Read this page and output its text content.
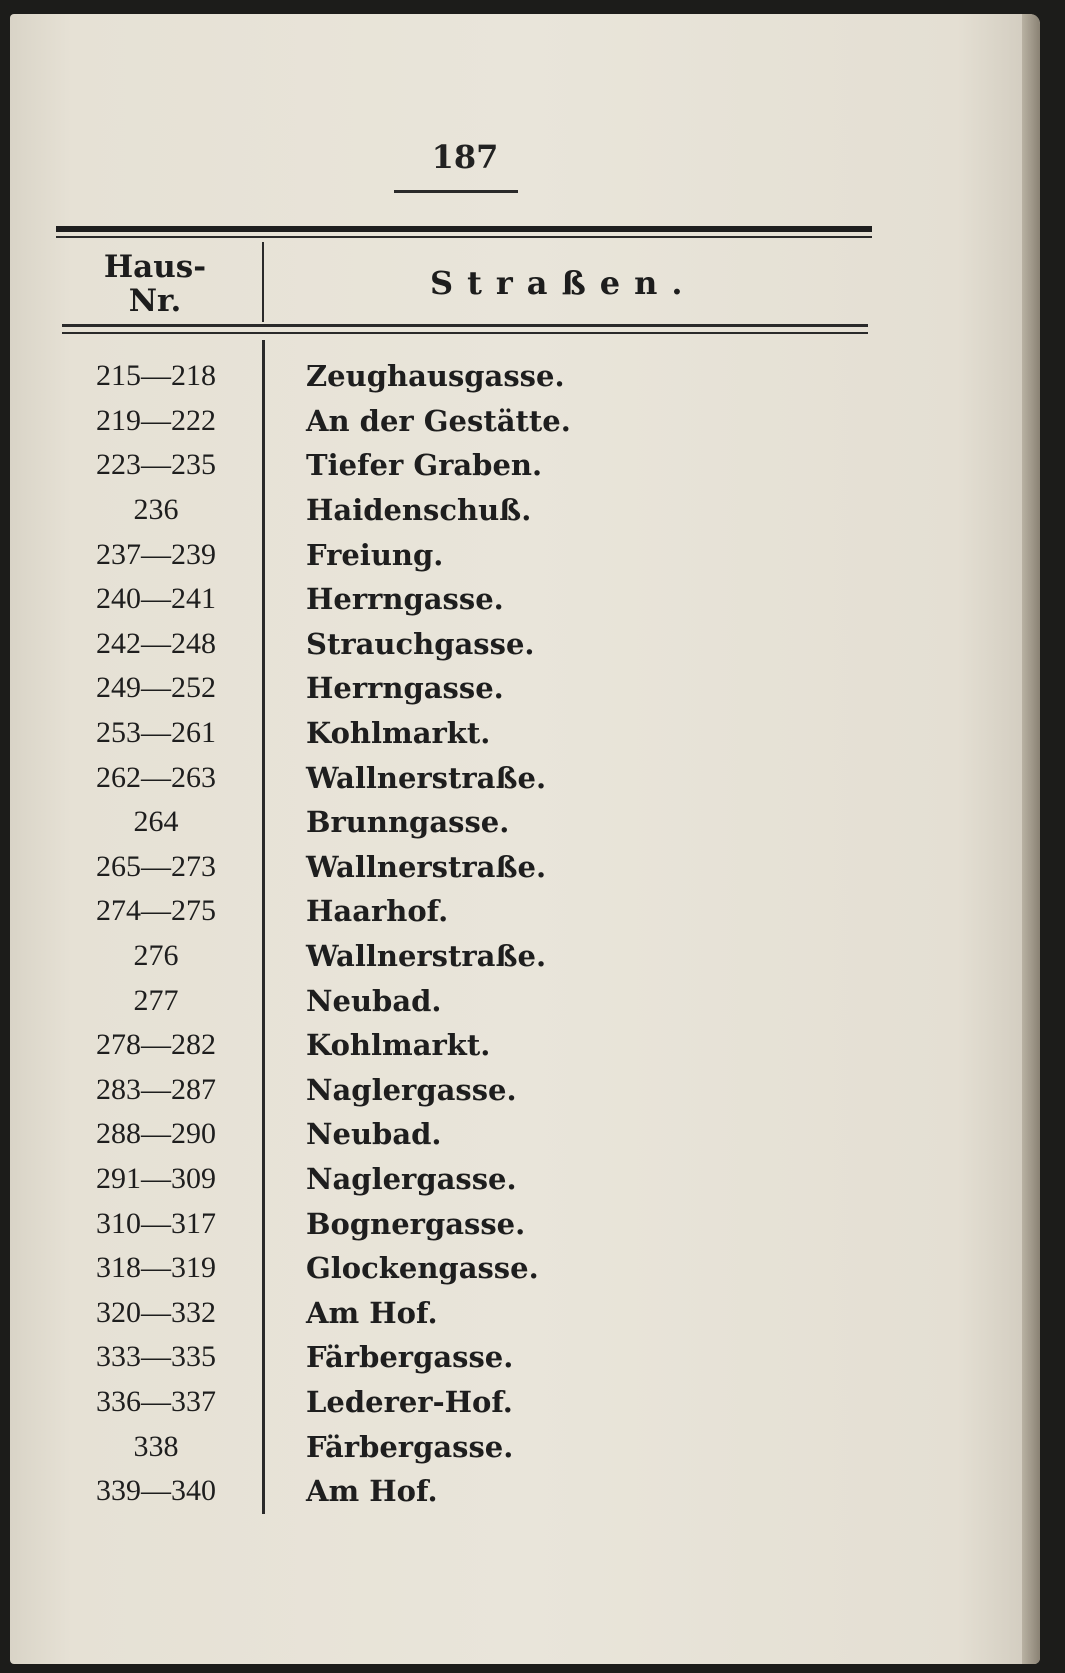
187
Haus-
Nr.	Straßen.
215—218	Zeughausgasse.
219—222	An der Gestätte.
223—235	Tiefer Graben.
236	Haidenschuß.
237—239	Freiung.
240—241	Herrngasse.
242—248	Strauchgasse.
249—252	Herrngasse.
253—261	Kohlmarkt.
262—263	Wallnerstraße.
264	Brunngasse.
265—273	Wallnerstraße.
274—275	Haarhof.
276	Wallnerstraße.
277	Neubad.
278—282	Kohlmarkt.
283—287	Naglergasse.
288—290	Neubad.
291—309	Naglergasse.
310—317	Bognergasse.
318—319	Glockengasse.
320—332	Am Hof.
333—335	Färbergasse.
336—337	Lederer-Hof.
338	Färbergasse.
339—340	Am Hof.
